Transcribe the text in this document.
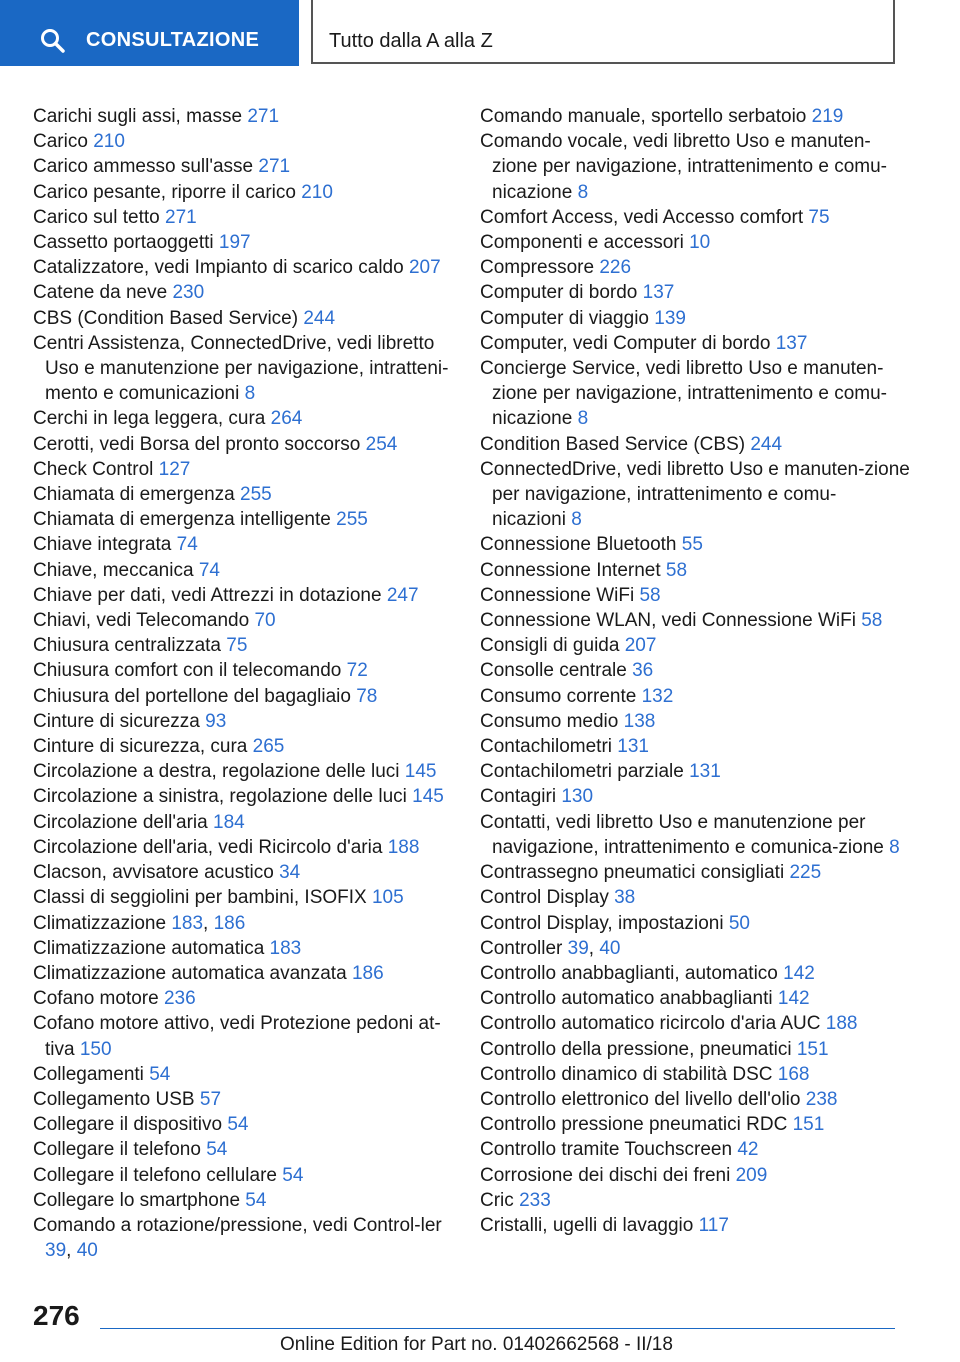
CONSULTAZIONE	Tutto dalla A alla Z
Carichi sugli assi, masse 271
Carico 210
Carico ammesso sull'asse 271
Carico pesante, riporre il carico 210
Carico sul tetto 271
Cassetto portaoggetti 197
Catalizzatore, vedi Impianto di scarico caldo 207
Catene da neve 230
CBS (Condition Based Service) 244
Centri Assistenza, ConnectedDrive, vedi libretto Uso e manutenzione per navigazione, intratteni-mento e comunicazioni 8
Cerchi in lega leggera, cura 264
Cerotti, vedi Borsa del pronto soccorso 254
Check Control 127
Chiamata di emergenza 255
Chiamata di emergenza intelligente 255
Chiave integrata 74
Chiave, meccanica 74
Chiave per dati, vedi Attrezzi in dotazione 247
Chiavi, vedi Telecomando 70
Chiusura centralizzata 75
Chiusura comfort con il telecomando 72
Chiusura del portellone del bagagliaio 78
Cinture di sicurezza 93
Cinture di sicurezza, cura 265
Circolazione a destra, regolazione delle luci 145
Circolazione a sinistra, regolazione delle luci 145
Circolazione dell'aria 184
Circolazione dell'aria, vedi Ricircolo d'aria 188
Clacson, avvisatore acustico 34
Classi di seggiolini per bambini, ISOFIX 105
Climatizzazione 183, 186
Climatizzazione automatica 183
Climatizzazione automatica avanzata 186
Cofano motore 236
Cofano motore attivo, vedi Protezione pedoni at-tiva 150
Collegamenti 54
Collegamento USB 57
Collegare il dispositivo 54
Collegare il telefono 54
Collegare il telefono cellulare 54
Collegare lo smartphone 54
Comando a rotazione/pressione, vedi Control-ler 39, 40
Comando manuale, sportello serbatoio 219
Comando vocale, vedi libretto Uso e manuten-zione per navigazione, intrattenimento e comu-nicazione 8
Comfort Access, vedi Accesso comfort 75
Componenti e accessori 10
Compressore 226
Computer di bordo 137
Computer di viaggio 139
Computer, vedi Computer di bordo 137
Concierge Service, vedi libretto Uso e manuten-zione per navigazione, intrattenimento e comu-nicazione 8
Condition Based Service (CBS) 244
ConnectedDrive, vedi libretto Uso e manuten-zione per navigazione, intrattenimento e comu-nicazioni 8
Connessione Bluetooth 55
Connessione Internet 58
Connessione WiFi 58
Connessione WLAN, vedi Connessione WiFi 58
Consigli di guida 207
Consolle centrale 36
Consumo corrente 132
Consumo medio 138
Contachilometri 131
Contachilometri parziale 131
Contagiri 130
Contatti, vedi libretto Uso e manutenzione per navigazione, intrattenimento e comunica-zione 8
Contrassegno pneumatici consigliati 225
Control Display 38
Control Display, impostazioni 50
Controller 39, 40
Controllo anabbaglianti, automatico 142
Controllo automatico anabbaglianti 142
Controllo automatico ricircolo d'aria AUC 188
Controllo della pressione, pneumatici 151
Controllo dinamico di stabilità DSC 168
Controllo elettronico del livello dell'olio 238
Controllo pressione pneumatici RDC 151
Controllo tramite Touchscreen 42
Corrosione dei dischi dei freni 209
Cric 233
Cristalli, ugelli di lavaggio 117
276
Online Edition for Part no. 01402662568 - II/18
